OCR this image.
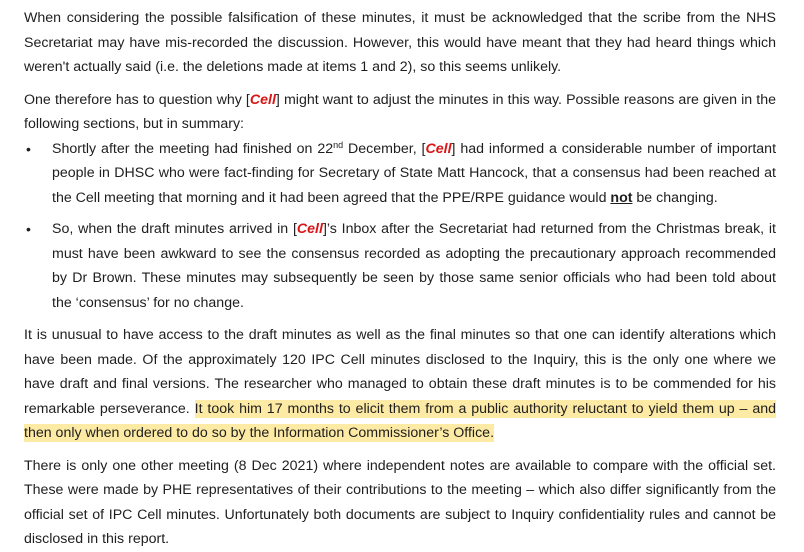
When considering the possible falsification of these minutes, it must be acknowledged that the scribe from the NHS Secretariat may have mis-recorded the discussion. However, this would have meant that they had heard things which weren't actually said (i.e. the deletions made at items 1 and 2), so this seems unlikely.

One therefore has to question why [Cell] might want to adjust the minutes in this way. Possible reasons are given in the following sections, but in summary:

• Shortly after the meeting had finished on 22nd December, [Cell] had informed a considerable number of important people in DHSC who were fact-finding for Secretary of State Matt Hancock, that a consensus had been reached at the Cell meeting that morning and it had been agreed that the PPE/RPE guidance would not be changing.
• So, when the draft minutes arrived in [Cell]’s Inbox after the Secretariat had returned from the Christmas break, it must have been awkward to see the consensus recorded as adopting the precautionary approach recommended by Dr Brown. These minutes may subsequently be seen by those same senior officials who had been told about the ‘consensus’ for no change.

It is unusual to have access to the draft minutes as well as the final minutes so that one can identify alterations which have been made. Of the approximately 120 IPC Cell minutes disclosed to the Inquiry, this is the only one where we have draft and final versions. The researcher who managed to obtain these draft minutes is to be commended for his remarkable perseverance. It took him 17 months to elicit them from a public authority reluctant to yield them up – and then only when ordered to do so by the Information Commissioner’s Office.

There is only one other meeting (8 Dec 2021) where independent notes are available to compare with the official set. These were made by PHE representatives of their contributions to the meeting – which also differ significantly from the official set of IPC Cell minutes. Unfortunately both documents are subject to Inquiry confidentiality rules and cannot be disclosed in this report.
